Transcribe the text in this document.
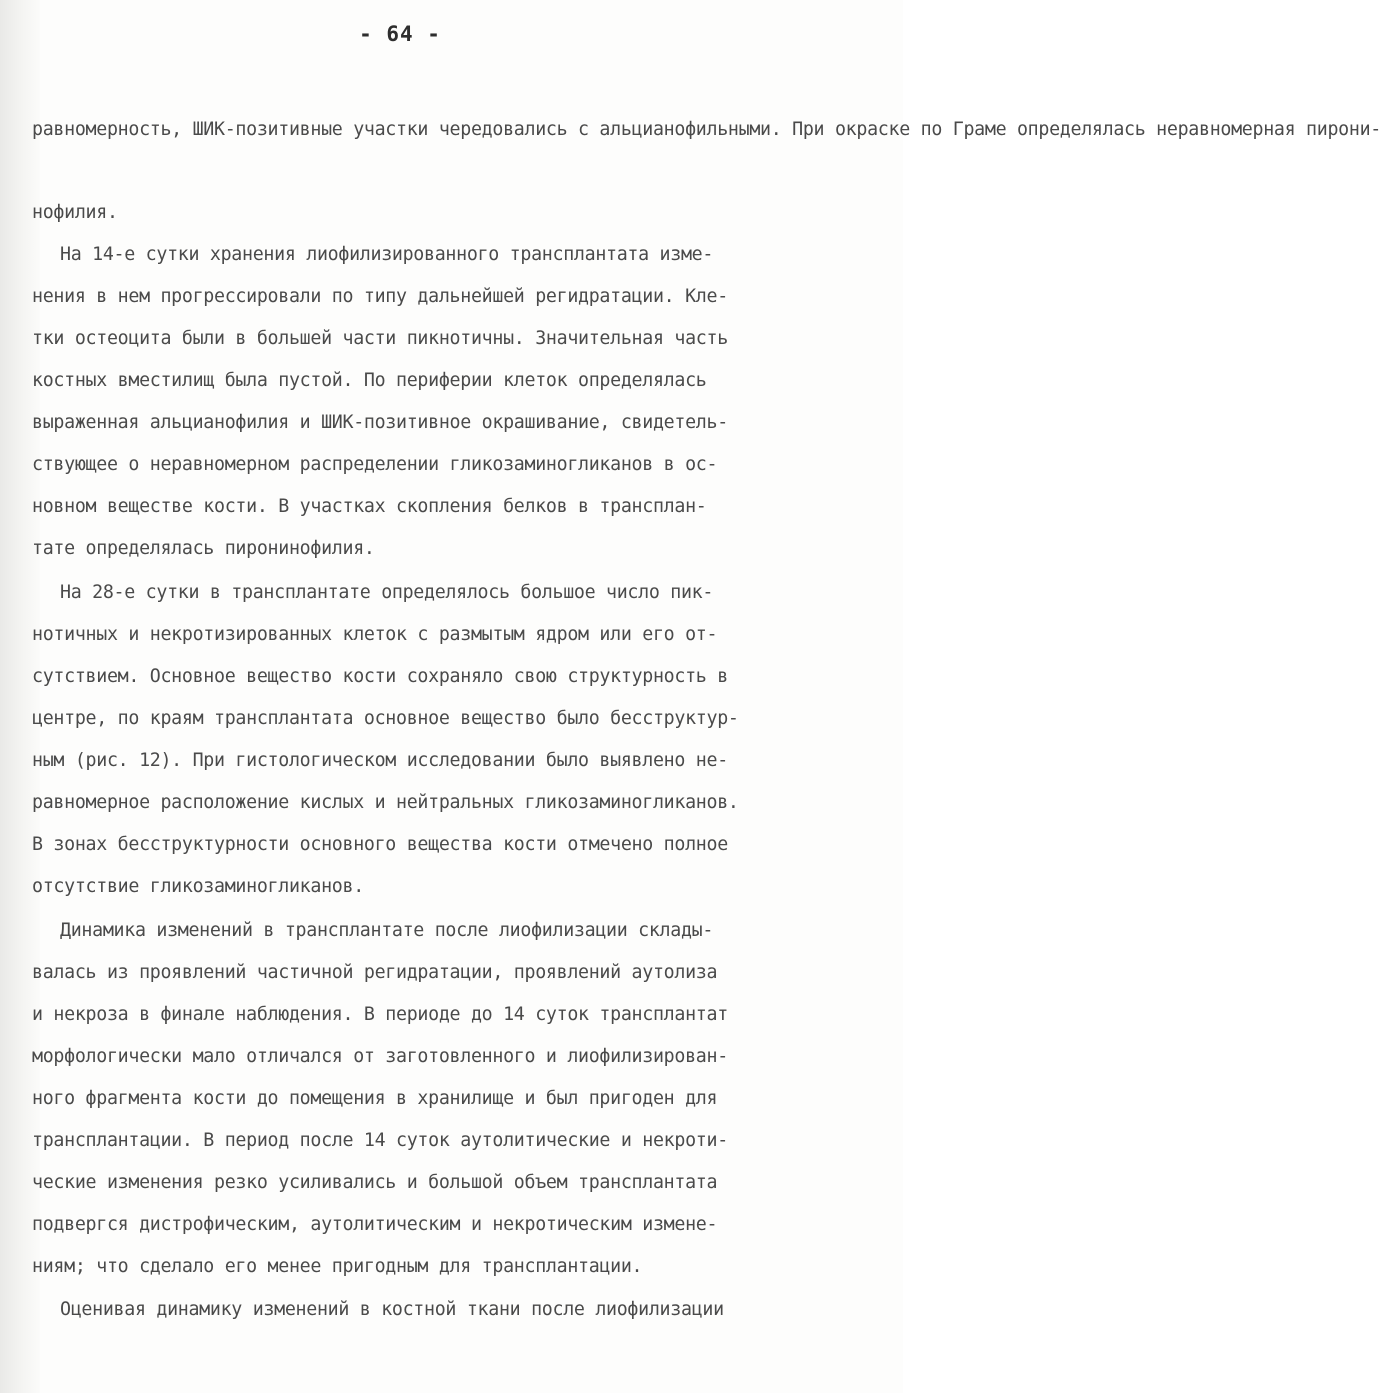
- 64 -
равномерность, ШИК-позитивные участки чередовались с альцианофильными. При окраске по Граме определялась неравномерная пирони-
нофилия.
На 14-е сутки хранения лиофилизированного трансплантата изме-
нения в нем прогрессировали по типу дальнейшей регидратации. Кле-
тки остеоцита были в большей части пикнотичны. Значительная часть
костных вместилищ была пустой. По периферии клеток определялась
выраженная альцианофилия и ШИК-позитивное окрашивание, свидетель-
ствующее о неравномерном распределении гликозаминогликанов в ос-
новном веществе кости. В участках скопления белков в трансплан-
тате определялась пиронинофилия.
На 28-е сутки в трансплантате определялось большое число пик-
нотичных и некротизированных клеток с размытым ядром или его от-
сутствием. Основное вещество кости сохраняло свою структурность в
центре, по краям трансплантата основное вещество было бесструктур-
ным (рис. 12). При гистологическом исследовании было выявлено не-
равномерное расположение кислых и нейтральных гликозаминогликанов.
В зонах бесструктурности основного вещества кости отмечено полное
отсутствие гликозаминогликанов.
Динамика изменений в трансплантате после лиофилизации склады-
валась из проявлений частичной регидратации, проявлений аутолиза
и некроза в финале наблюдения. В периоде до 14 суток трансплантат
морфологически мало отличался от заготовленного и лиофилизирован-
ного фрагмента кости до помещения в хранилище и был пригоден для
трансплантации. В период после 14 суток аутолитические и некроти-
ческие изменения резко усиливались и большой объем трансплантата
подвергся дистрофическим, аутолитическим и некротическим измене-
ниям; что сделало его менее пригодным для трансплантации.
Оценивая динамику изменений в костной ткани после лиофилизации
